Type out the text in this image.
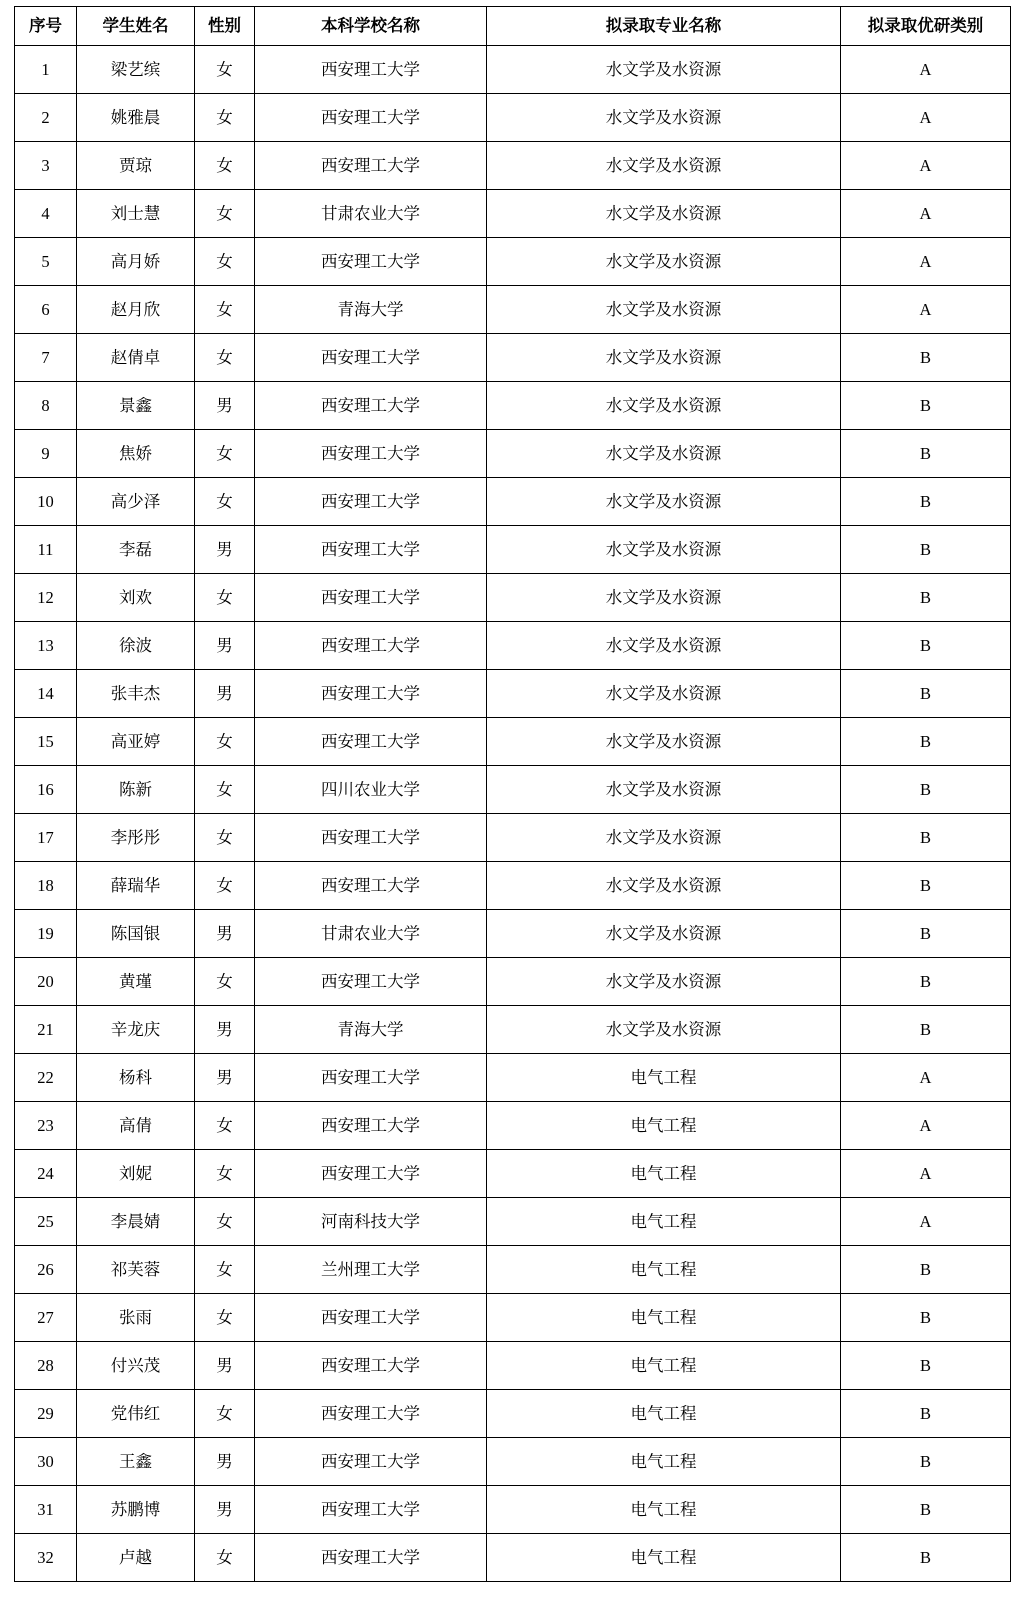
序号	学生姓名	性别	本科学校名称	拟录取专业名称	拟录取优研类别
1	梁艺缤	女	西安理工大学	水文学及水资源	A
2	姚雅晨	女	西安理工大学	水文学及水资源	A
3	贾琼	女	西安理工大学	水文学及水资源	A
4	刘士慧	女	甘肃农业大学	水文学及水资源	A
5	高月娇	女	西安理工大学	水文学及水资源	A
6	赵月欣	女	青海大学	水文学及水资源	A
7	赵倩卓	女	西安理工大学	水文学及水资源	B
8	景鑫	男	西安理工大学	水文学及水资源	B
9	焦娇	女	西安理工大学	水文学及水资源	B
10	高少泽	女	西安理工大学	水文学及水资源	B
11	李磊	男	西安理工大学	水文学及水资源	B
12	刘欢	女	西安理工大学	水文学及水资源	B
13	徐波	男	西安理工大学	水文学及水资源	B
14	张丰杰	男	西安理工大学	水文学及水资源	B
15	高亚婷	女	西安理工大学	水文学及水资源	B
16	陈新	女	四川农业大学	水文学及水资源	B
17	李彤彤	女	西安理工大学	水文学及水资源	B
18	薛瑞华	女	西安理工大学	水文学及水资源	B
19	陈国银	男	甘肃农业大学	水文学及水资源	B
20	黄瑾	女	西安理工大学	水文学及水资源	B
21	辛龙庆	男	青海大学	水文学及水资源	B
22	杨科	男	西安理工大学	电气工程	A
23	高倩	女	西安理工大学	电气工程	A
24	刘妮	女	西安理工大学	电气工程	A
25	李晨婧	女	河南科技大学	电气工程	A
26	祁芙蓉	女	兰州理工大学	电气工程	B
27	张雨	女	西安理工大学	电气工程	B
28	付兴茂	男	西安理工大学	电气工程	B
29	党伟红	女	西安理工大学	电气工程	B
30	王鑫	男	西安理工大学	电气工程	B
31	苏鹏博	男	西安理工大学	电气工程	B
32	卢越	女	西安理工大学	电气工程	B
